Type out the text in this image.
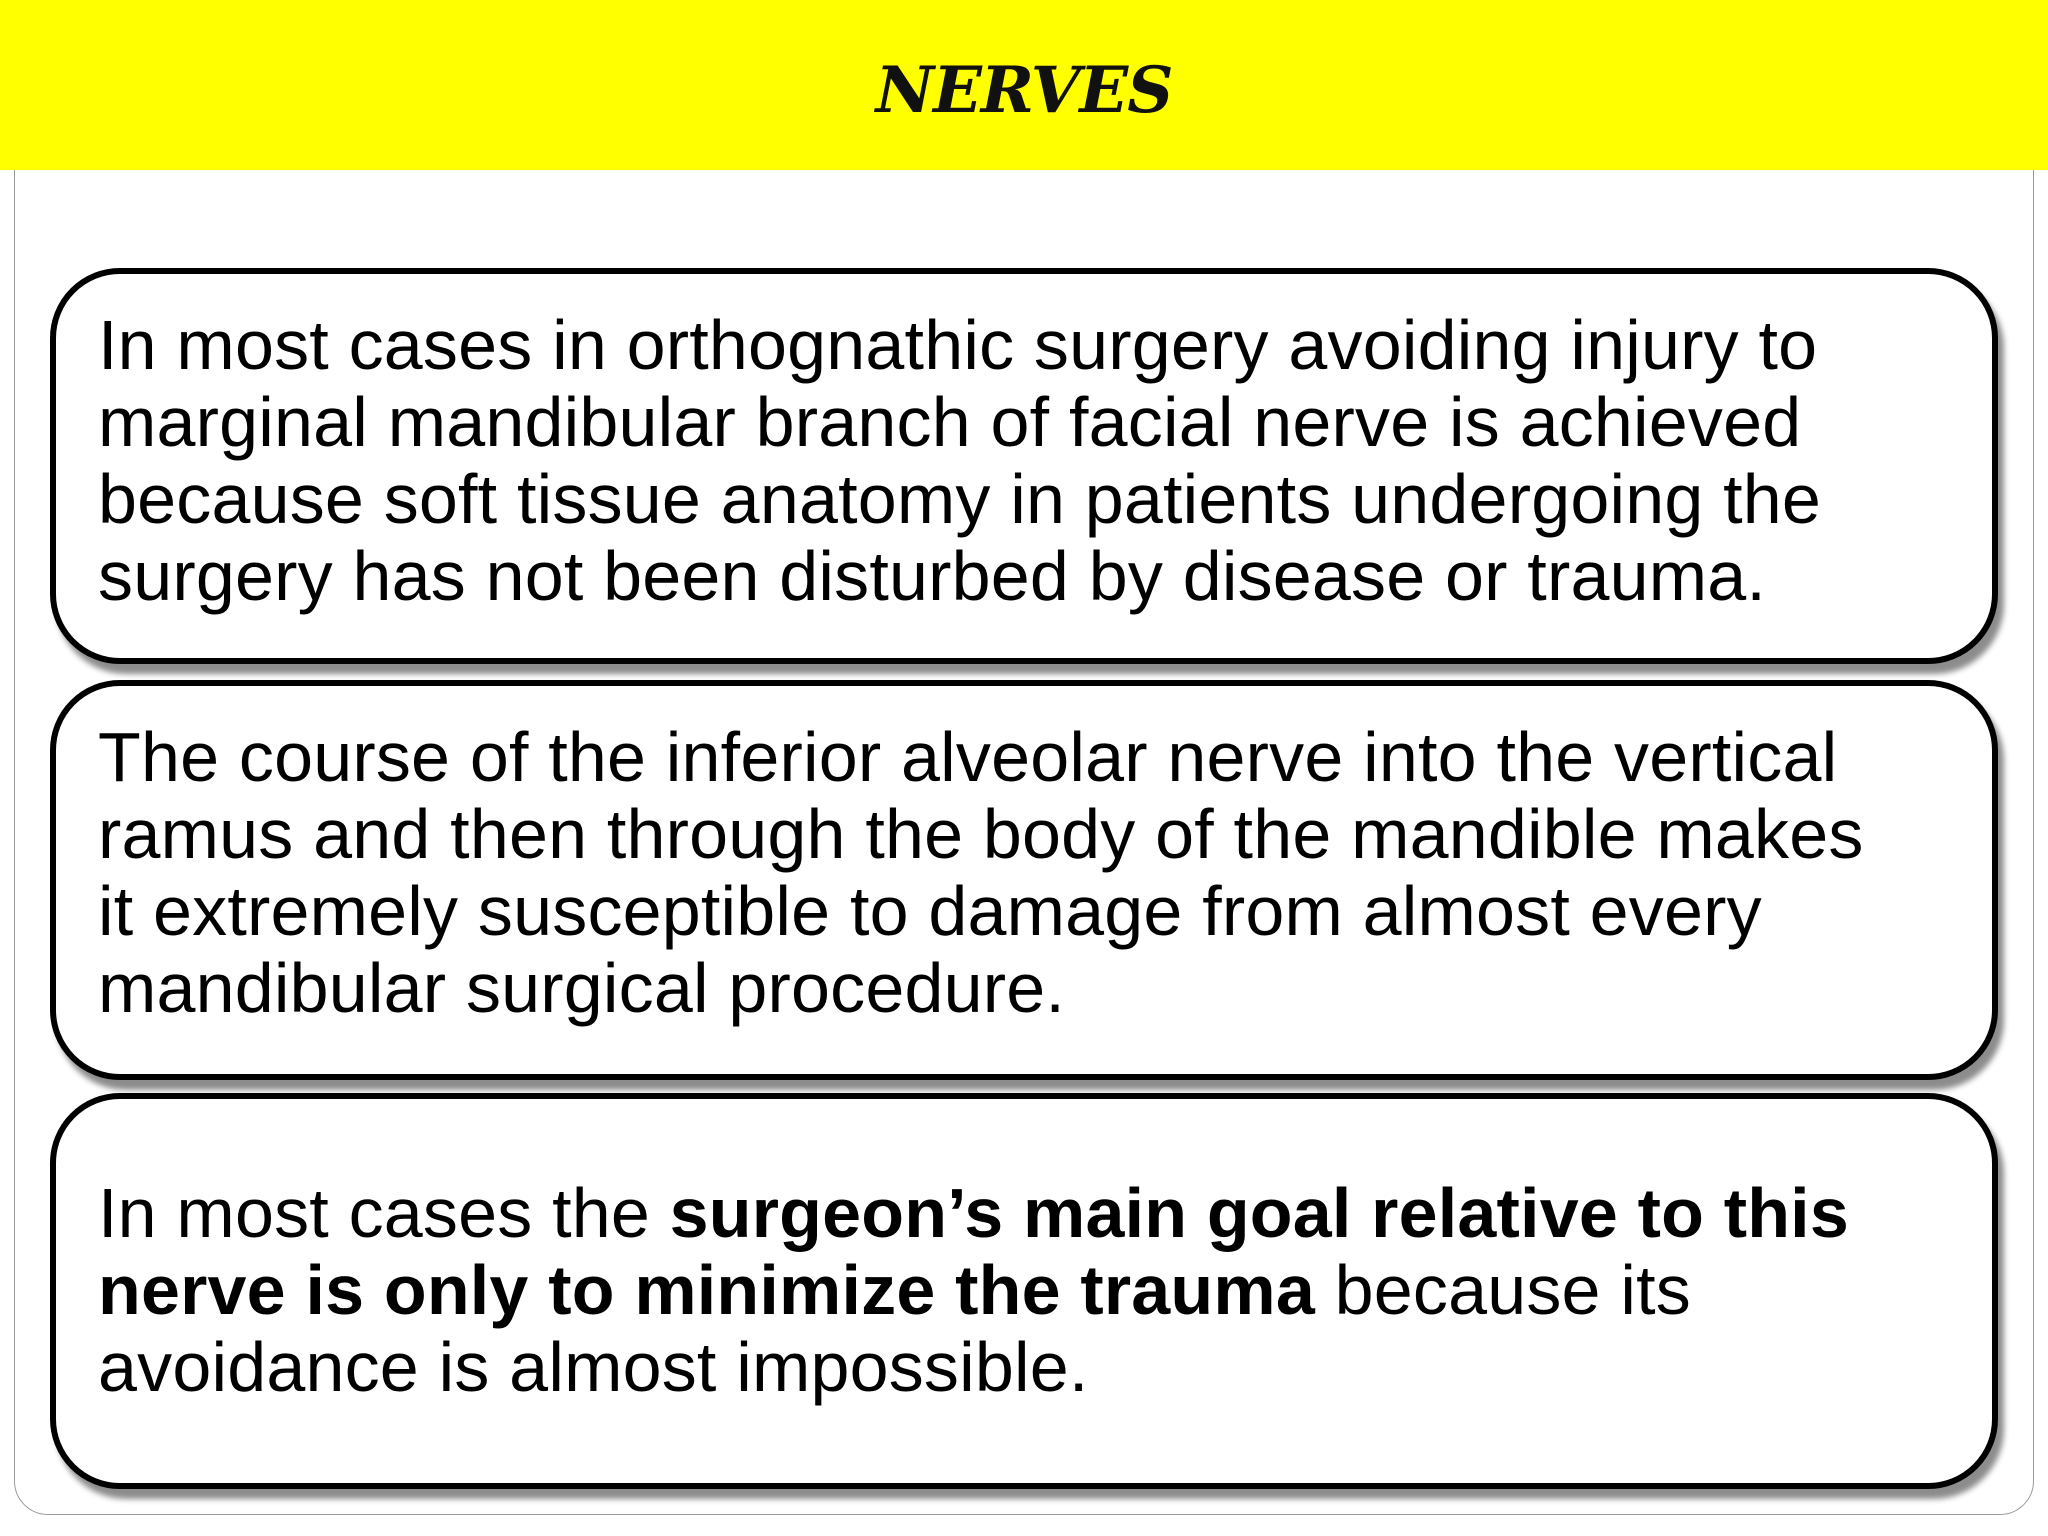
NERVES

In most cases in orthognathic surgery avoiding injury to
marginal mandibular branch of facial nerve is achieved
because soft tissue anatomy in patients undergoing the
surgery has not been disturbed by disease or trauma.

The course of the inferior alveolar nerve into the vertical
ramus and then through the body of the mandible makes
it extremely susceptible to damage from almost every
mandibular surgical procedure.

In most cases the surgeon’s main goal relative to this
nerve is only to minimize the trauma because its
avoidance is almost impossible.
